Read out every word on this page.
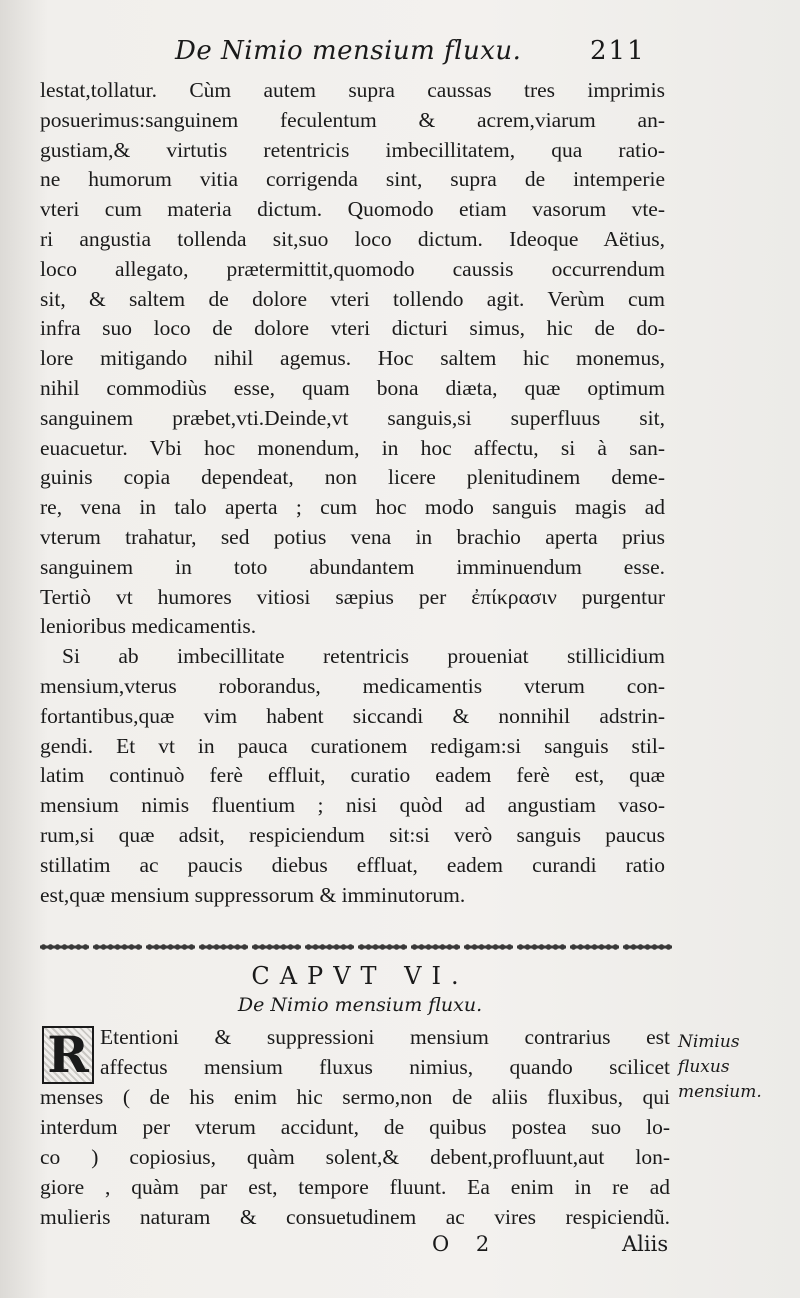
De Nimio mensium fluxu.	211
lestat,tollatur. Cùm autem supra caussas tres imprimis
posuerimus:sanguinem feculentum & acrem,viarum an-
gustiam,& virtutis retentricis imbecillitatem, qua ratio-
ne humorum vitia corrigenda sint, supra de intemperie
vteri cum materia dictum. Quomodo etiam vasorum vte-
ri angustia tollenda sit,suo loco dictum. Ideoque Aëtius,
loco allegato, prætermittit,quomodo caussis occurrendum
sit, & saltem de dolore vteri tollendo agit. Verùm cum
infra suo loco de dolore vteri dicturi simus, hic de do-
lore mitigando nihil agemus. Hoc saltem hic monemus,
nihil commodiùs esse, quam bona diæta, quæ optimum
sanguinem præbet,vti.Deinde,vt sanguis,si superfluus sit,
euacuetur. Vbi hoc monendum, in hoc affectu, si à san-
guinis copia dependeat, non licere plenitudinem deme-
re, vena in talo aperta ; cum hoc modo sanguis magis ad
vterum trahatur, sed potius vena in brachio aperta prius
sanguinem in toto abundantem imminuendum esse.
Tertiò vt humores vitiosi sæpius per ἐπίκρασιν purgentur
lenioribus medicamentis.
Si ab imbecillitate retentricis proueniat stillicidium
mensium,vterus roborandus, medicamentis vterum con-
fortantibus,quæ vim habent siccandi & nonnihil adstrin-
gendi. Et vt in pauca curationem redigam:si sanguis stil-
latim continuò ferè effluit, curatio eadem ferè est, quæ
mensium nimis fluentium ; nisi quòd ad angustiam vaso-
rum,si quæ adsit, respiciendum sit:si verò sanguis paucus
stillatim ac paucis diebus effluat, eadem curandi ratio
est,quæ mensium suppressorum & imminutorum.
CAPVT VI.
De Nimio mensium fluxu.
R Etentioni & suppressioni mensium contrarius est
affectus mensium fluxus nimius, quando scilicet
menses ( de his enim hic sermo,non de aliis fluxibus, qui
interdum per vterum accidunt, de quibus postea suo lo-
co ) copiosius, quàm solent,& debent,profluunt,aut lon-
giore , quàm par est, tempore fluunt. Ea enim in re ad
mulieris naturam & consuetudinem ac vires respiciendũ.
Nimius
fluxus
mensium.
O 2	Aliis
